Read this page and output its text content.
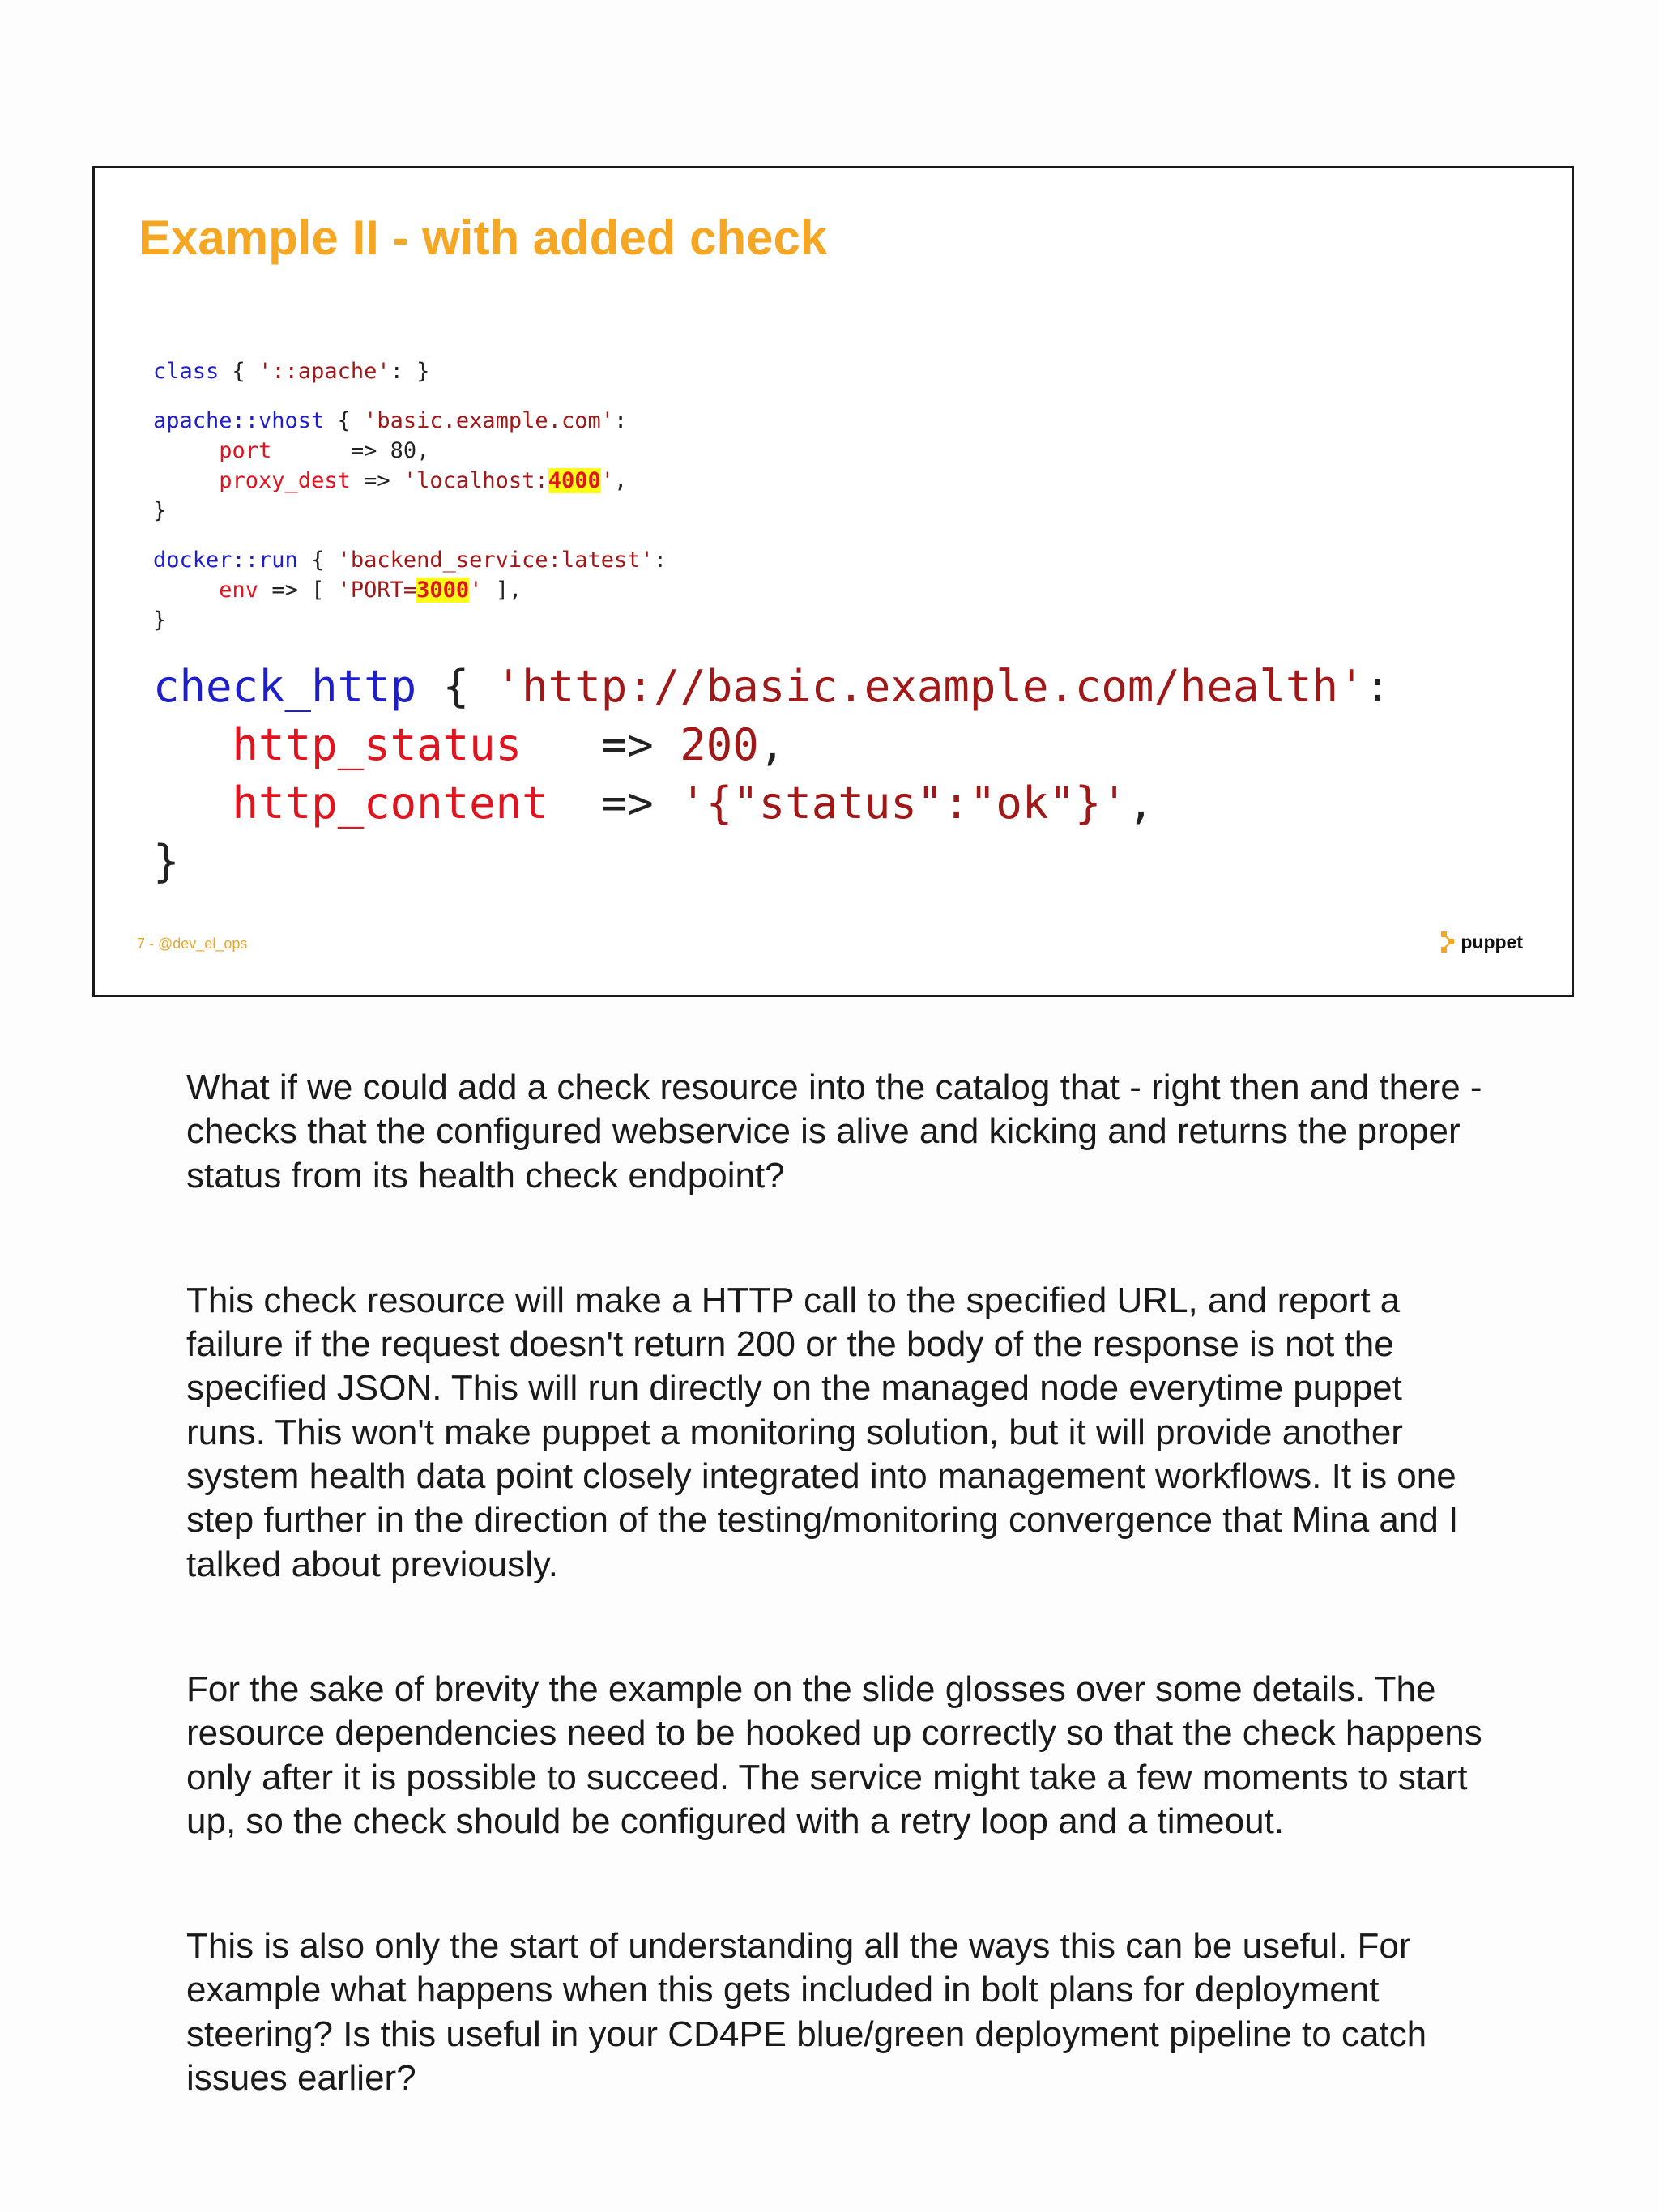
Example II - with added check
class { '::apache': }
apache::vhost { 'basic.example.com':
port      => 80,
proxy_dest => 'localhost:4000',
}
docker::run { 'backend_service:latest':
env => [ 'PORT=3000' ],
}
check_http { 'http://basic.example.com/health':
http_status   => 200,
http_content  => '{"status":"ok"}',
}
7 - @dev_el_ops	puppet

What if we could add a check resource into the catalog that - right then and there - checks that the configured webservice is alive and kicking and returns the proper status from its health check endpoint?

This check resource will make a HTTP call to the specified URL, and report a failure if the request doesn't return 200 or the body of the response is not the specified JSON. This will run directly on the managed node everytime puppet runs. This won't make puppet a monitoring solution, but it will provide another system health data point closely integrated into management workflows. It is one step further in the direction of the testing/monitoring convergence that Mina and I talked about previously.

For the sake of brevity the example on the slide glosses over some details. The resource dependencies need to be hooked up correctly so that the check happens only after it is possible to succeed. The service might take a few moments to start up, so the check should be configured with a retry loop and a timeout.

This is also only the start of understanding all the ways this can be useful. For example what happens when this gets included in bolt plans for deployment steering? Is this useful in your CD4PE blue/green deployment pipeline to catch issues earlier?
